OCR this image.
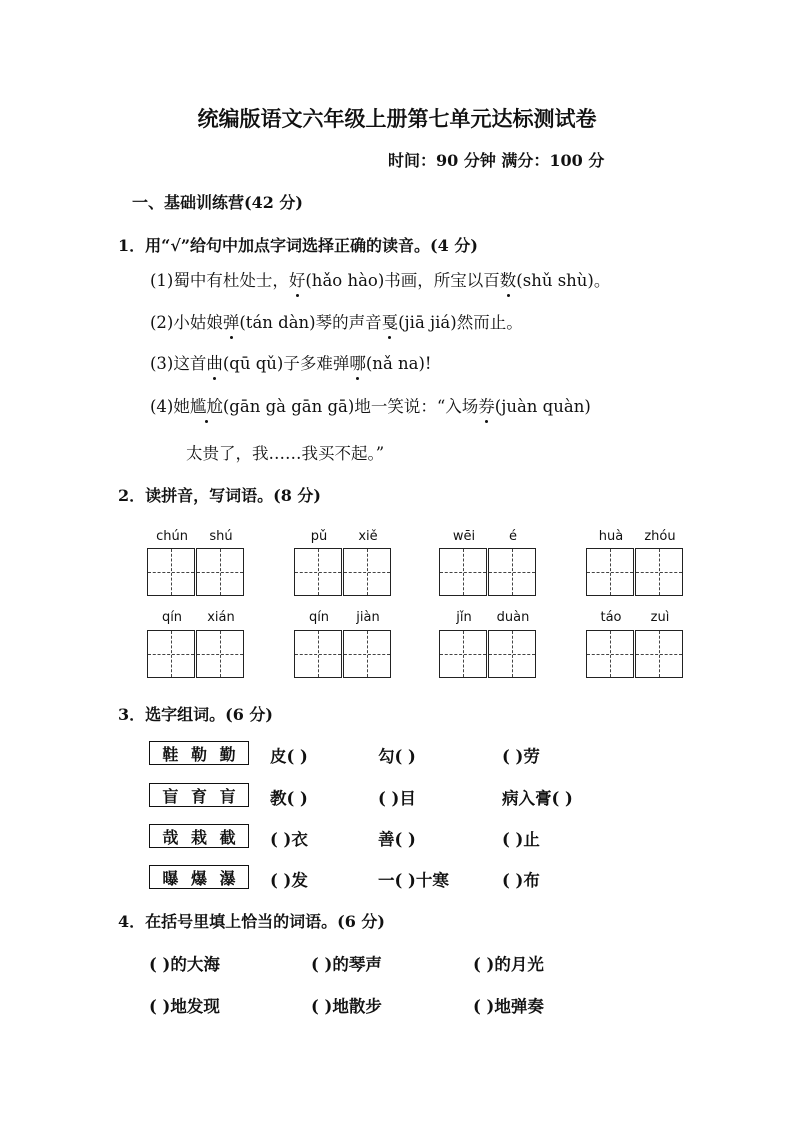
统编版语文六年级上册第七单元达标测试卷
时间：90 分钟 满分：100 分
一、基础训练营(42 分)
1．用“√”给句中加点字词选择正确的读音。(4 分)
(1)蜀中有杜处士，好(hǎo hào)书画，所宝以百数(shǔ shù)。
(2)小姑娘弹(tán dàn)琴的声音戛(jiā jiá)然而止。
(3)这首曲(qū qǔ)子多难弹哪(nǎ na)!
(4)她尴尬(gān gà gān gā)地一笑说：“入场券(juàn quàn)
太贵了，我……我买不起。”
2．读拼音，写词语。(8 分)
chún	shú	pǔ	xiě	wēi	é	huà	zhóu
qín	xián	qín	jiàn	jǐn	duàn	táo	zuì
3．选字组词。(6 分)
鞋 勒 勤 皮( )	勾( )	( )劳
盲 育 肓 教( )	( )目	病入膏( )
哉 栽 截 ( )衣	善( )	( )止
曝 爆 瀑 ( )发	一( )十寒	( )布
4．在括号里填上恰当的词语。(6 分)
( )的大海	( )的琴声	( )的月光
( )地发现	( )地散步	( )地弹奏
